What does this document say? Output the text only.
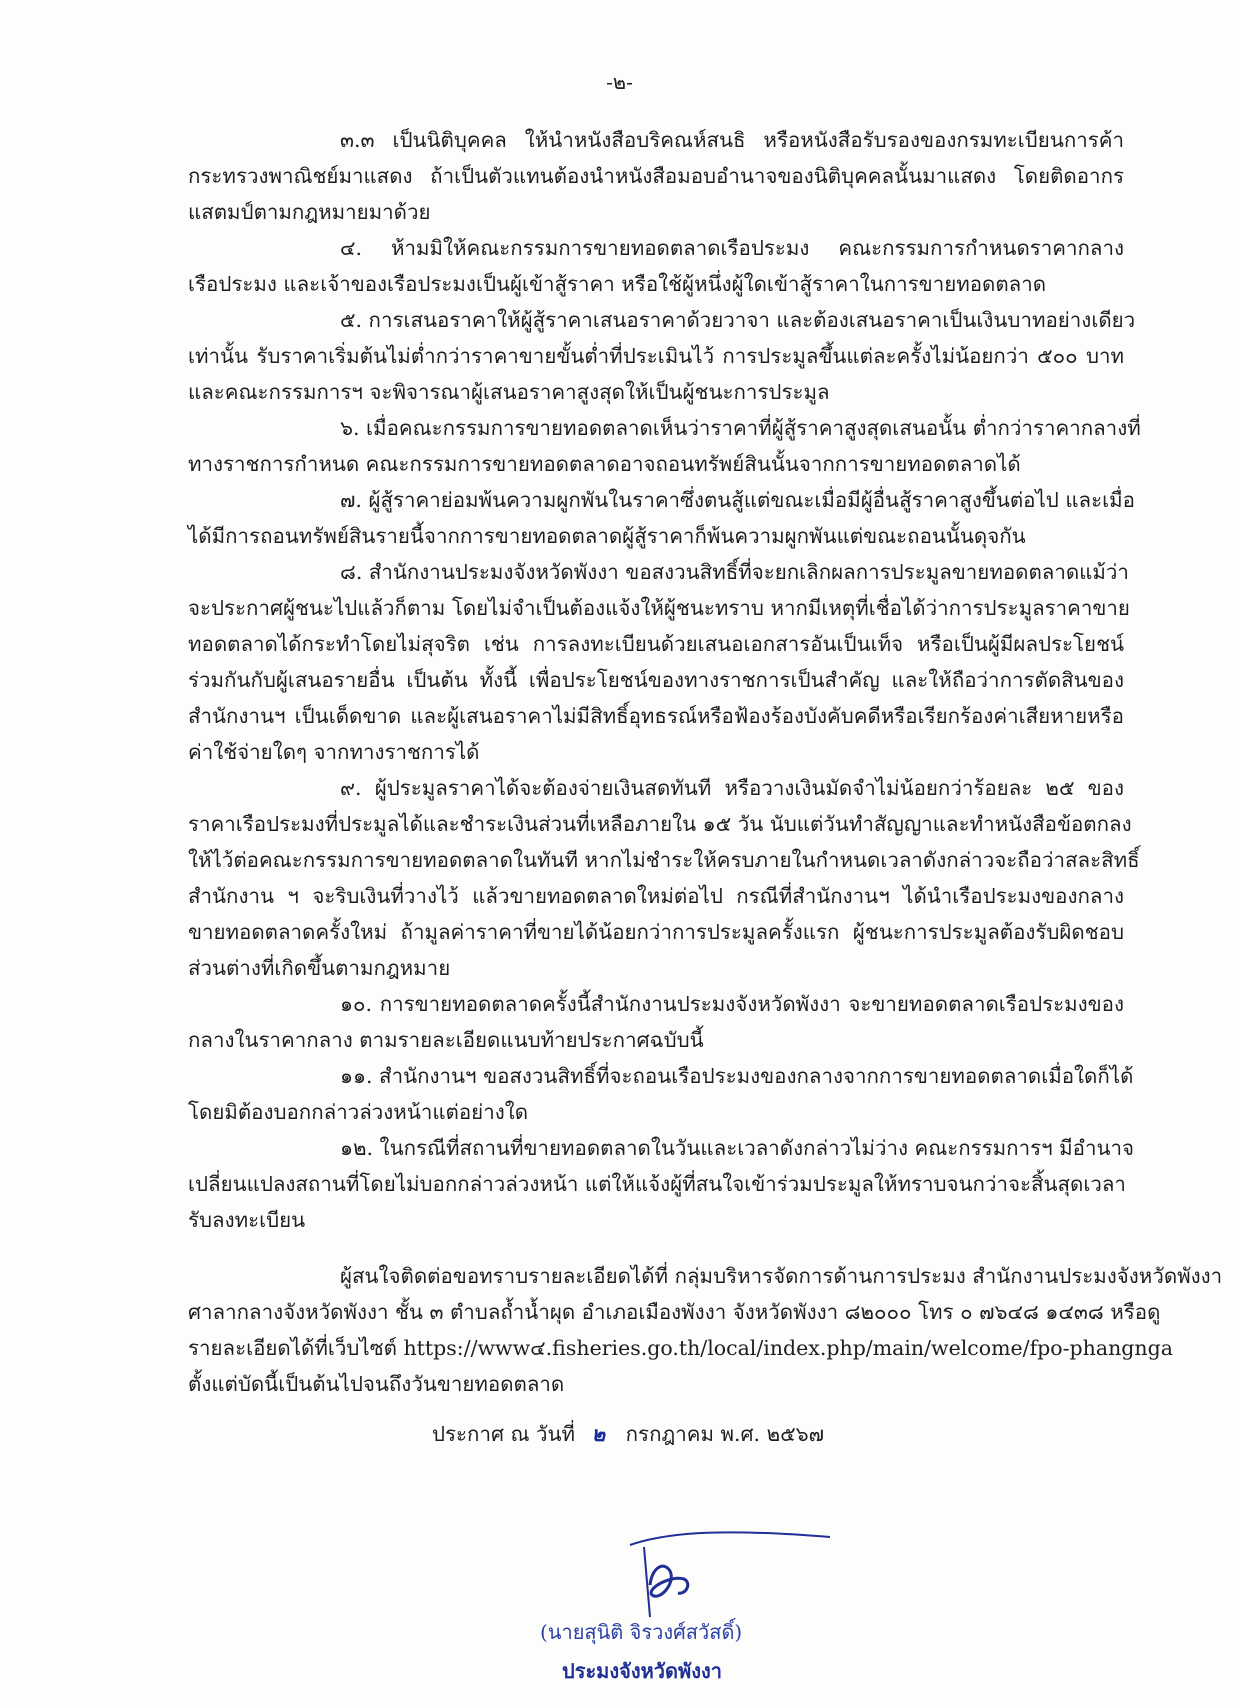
-๒-
๓.๓ เป็นนิติบุคคล ให้นำหนังสือบริคณห์สนธิ หรือหนังสือรับรองของกรมทะเบียนการค้า
กระทรวงพาณิชย์มาแสดง ถ้าเป็นตัวแทนต้องนำหนังสือมอบอำนาจของนิติบุคคลนั้นมาแสดง โดยติดอากร
แสตมป์ตามกฎหมายมาด้วย
๔. ห้ามมิให้คณะกรรมการขายทอดตลาดเรือประมง คณะกรรมการกำหนดราคากลาง
เรือประมง และเจ้าของเรือประมงเป็นผู้เข้าสู้ราคา หรือใช้ผู้หนึ่งผู้ใดเข้าสู้ราคาในการขายทอดตลาด
๕. การเสนอราคาให้ผู้สู้ราคาเสนอราคาด้วยวาจา และต้องเสนอราคาเป็นเงินบาทอย่างเดียว
เท่านั้น รับราคาเริ่มต้นไม่ต่ำกว่าราคาขายขั้นต่ำที่ประเมินไว้ การประมูลขึ้นแต่ละครั้งไม่น้อยกว่า ๕๐๐ บาท
และคณะกรรมการฯ จะพิจารณาผู้เสนอราคาสูงสุดให้เป็นผู้ชนะการประมูล
๖. เมื่อคณะกรรมการขายทอดตลาดเห็นว่าราคาที่ผู้สู้ราคาสูงสุดเสนอนั้น ต่ำกว่าราคากลางที่
ทางราชการกำหนด คณะกรรมการขายทอดตลาดอาจถอนทรัพย์สินนั้นจากการขายทอดตลาดได้
๗. ผู้สู้ราคาย่อมพ้นความผูกพันในราคาซึ่งตนสู้แต่ขณะเมื่อมีผู้อื่นสู้ราคาสูงขึ้นต่อไป และเมื่อ
ได้มีการถอนทรัพย์สินรายนี้จากการขายทอดตลาดผู้สู้ราคาก็พ้นความผูกพันแต่ขณะถอนนั้นดุจกัน
๘. สำนักงานประมงจังหวัดพังงา ขอสงวนสิทธิ์ที่จะยกเลิกผลการประมูลขายทอดตลาดแม้ว่า
จะประกาศผู้ชนะไปแล้วก็ตาม โดยไม่จำเป็นต้องแจ้งให้ผู้ชนะทราบ หากมีเหตุที่เชื่อได้ว่าการประมูลราคาขาย
ทอดตลาดได้กระทำโดยไม่สุจริต เช่น การลงทะเบียนด้วยเสนอเอกสารอันเป็นเท็จ หรือเป็นผู้มีผลประโยชน์
ร่วมกันกับผู้เสนอรายอื่น เป็นต้น ทั้งนี้ เพื่อประโยชน์ของทางราชการเป็นสำคัญ และให้ถือว่าการตัดสินของ
สำนักงานฯ เป็นเด็ดขาด และผู้เสนอราคาไม่มีสิทธิ์อุทธรณ์หรือฟ้องร้องบังคับคดีหรือเรียกร้องค่าเสียหายหรือ
ค่าใช้จ่ายใดๆ จากทางราชการได้
๙. ผู้ประมูลราคาได้จะต้องจ่ายเงินสดทันที หรือวางเงินมัดจำไม่น้อยกว่าร้อยละ ๒๕ ของ
ราคาเรือประมงที่ประมูลได้และชำระเงินส่วนที่เหลือภายใน ๑๕ วัน นับแต่วันทำสัญญาและทำหนังสือข้อตกลง
ให้ไว้ต่อคณะกรรมการขายทอดตลาดในทันที หากไม่ชำระให้ครบภายในกำหนดเวลาดังกล่าวจะถือว่าสละสิทธิ์
สำนักงาน ฯ จะริบเงินที่วางไว้ แล้วขายทอดตลาดใหม่ต่อไป กรณีที่สำนักงานฯ ได้นำเรือประมงของกลาง
ขายทอดตลาดครั้งใหม่ ถ้ามูลค่าราคาที่ขายได้น้อยกว่าการประมูลครั้งแรก ผู้ชนะการประมูลต้องรับผิดชอบ
ส่วนต่างที่เกิดขึ้นตามกฎหมาย
๑๐. การขายทอดตลาดครั้งนี้สำนักงานประมงจังหวัดพังงา จะขายทอดตลาดเรือประมงของ
กลางในราคากลาง ตามรายละเอียดแนบท้ายประกาศฉบับนี้
๑๑. สำนักงานฯ ขอสงวนสิทธิ์ที่จะถอนเรือประมงของกลางจากการขายทอดตลาดเมื่อใดก็ได้
โดยมิต้องบอกกล่าวล่วงหน้าแต่อย่างใด
๑๒. ในกรณีที่สถานที่ขายทอดตลาดในวันและเวลาดังกล่าวไม่ว่าง คณะกรรมการฯ มีอำนาจ
เปลี่ยนแปลงสถานที่โดยไม่บอกกล่าวล่วงหน้า แต่ให้แจ้งผู้ที่สนใจเข้าร่วมประมูลให้ทราบจนกว่าจะสิ้นสุดเวลา
รับลงทะเบียน
ผู้สนใจติดต่อขอทราบรายละเอียดได้ที่ กลุ่มบริหารจัดการด้านการประมง สำนักงานประมงจังหวัดพังงา
ศาลากลางจังหวัดพังงา ชั้น ๓ ตำบลถ้ำน้ำผุด อำเภอเมืองพังงา จังหวัดพังงา ๘๒๐๐๐ โทร ๐ ๗๖๔๘ ๑๔๓๘ หรือดู
รายละเอียดได้ที่เว็บไซต์ https://www๔.fisheries.go.th/local/index.php/main/welcome/fpo-phangnga
ตั้งแต่บัดนี้เป็นต้นไปจนถึงวันขายทอดตลาด
ประกาศ ณ วันที่ ๒ กรกฎาคม พ.ศ. ๒๕๖๗
(นายสุนิติ จิรวงศ์สวัสดิ์)
ประมงจังหวัดพังงา
